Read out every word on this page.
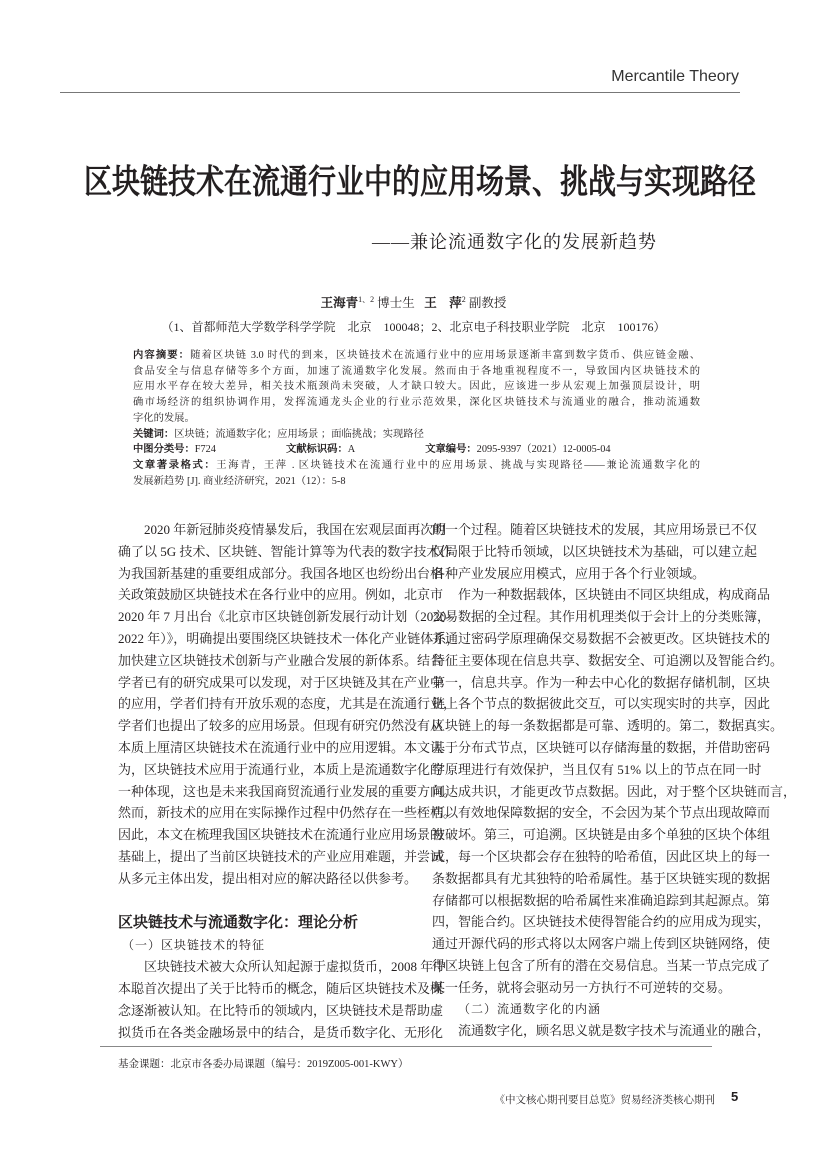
Mercantile Theory
区块链技术在流通行业中的应用场景、挑战与实现路径
——兼论流通数字化的发展新趋势
王海青$^{1、2}$ 博士生 王　萍$^2$ 副教授
（1、首都师范大学数学科学学院　北京　100048；2、北京电子科技职业学院　北京　100176）
内容摘要：随着区块链 3.0 时代的到来，区块链技术在流通行业中的应用场景逐渐丰富到数字货币、供应链金融、
食品安全与信息存储等多个方面，加速了流通数字化发展。然而由于各地重视程度不一，导致国内区块链技术的
应用水平存在较大差异，相关技术瓶颈尚未突破，人才缺口较大。因此，应该进一步从宏观上加强顶层设计，明
确市场经济的组织协调作用，发挥流通龙头企业的行业示范效果，深化区块链技术与流通业的融合，推动流通数
字化的发展。
关键词：区块链；流通数字化；应用场景 ；面临挑战；实现路径
中图分类号：F724	文献标识码：A	文章编号：2095-9397（2021）12-0005-04
文章著录格式：王海青，王萍 . 区块链技术在流通行业中的应用场景、挑战与实现路径——兼论流通数字化的
发展新趋势 [J]. 商业经济研究，2021（12）：5-8
2020 年新冠肺炎疫情暴发后，我国在宏观层面再次明
确了以 5G 技术、区块链、智能计算等为代表的数字技术作
为我国新基建的重要组成部分。我国各地区也纷纷出台相
关政策鼓励区块链技术在各行业中的应用。例如，北京市
2020 年 7 月出台《北京市区块链创新发展行动计划（2020–
2022 年）》，明确提出要围绕区块链技术一体化产业链体系，
加快建立区块链技术创新与产业融合发展的新体系。结合
学者已有的研究成果可以发现，对于区块链及其在产业中
的应用，学者们持有开放乐观的态度，尤其是在流通行业，
学者们也提出了较多的应用场景。但现有研究仍然没有从
本质上厘清区块链技术在流通行业中的应用逻辑。本文认
为，区块链技术应用于流通行业，本质上是流通数字化的
一种体现，这也是未来我国商贸流通行业发展的重要方向。
然而，新技术的应用在实际操作过程中仍然存在一些桎梏。
因此，本文在梳理我国区块链技术在流通行业应用场景的
基础上，提出了当前区块链技术的产业应用难题，并尝试
从多元主体出发，提出相对应的解决路径以供参考。
区块链技术与流通数字化：理论分析
（一）区块链技术的特征
区块链技术被大众所认知起源于虚拟货币，2008 年中
本聪首次提出了关于比特币的概念，随后区块链技术及概
念逐渐被认知。在比特币的领域内，区块链技术是帮助虚
拟货币在各类金融场景中的结合，是货币数字化、无形化
的一个过程。随着区块链技术的发展，其应用场景已不仅
仅局限于比特币领域，以区块链技术为基础，可以建立起
各种产业发展应用模式，应用于各个行业领域。
作为一种数据载体，区块链由不同区块组成，构成商品
交易数据的全过程。其作用机理类似于会计上的分类账簿，
并通过密码学原理确保交易数据不会被更改。区块链技术的
特征主要体现在信息共享、数据安全、可追溯以及智能合约。
第一，信息共享。作为一种去中心化的数据存储机制，区块
链上各个节点的数据彼此交互，可以实现实时的共享，因此
区块链上的每一条数据都是可靠、透明的。第二，数据真实。
基于分布式节点，区块链可以存储海量的数据，并借助密码
学原理进行有效保护，当且仅有 51% 以上的节点在同一时
间达成共识，才能更改节点数据。因此，对于整个区块链而言，
可以有效地保障数据的安全，不会因为某个节点出现故障而
被破坏。第三，可追溯。区块链是由多个单独的区块个体组
成，每一个区块都会存在独特的哈希值，因此区块上的每一
条数据都具有尤其独特的哈希属性。基于区块链实现的数据
存储都可以根据数据的哈希属性来准确追踪到其起源点。第
四，智能合约。区块链技术使得智能合约的应用成为现实，
通过开源代码的形式将以太网客户端上传到区块链网络，使
得区块链上包含了所有的潜在交易信息。当某一节点完成了
某一任务，就将会驱动另一方执行不可逆转的交易。
（二）流通数字化的内涵
流通数字化，顾名思义就是数字技术与流通业的融合，
基金课题：北京市各委办局课题（编号：2019Z005-001-KWY）
《中文核心期刊要目总览》贸易经济类核心期刊 5
